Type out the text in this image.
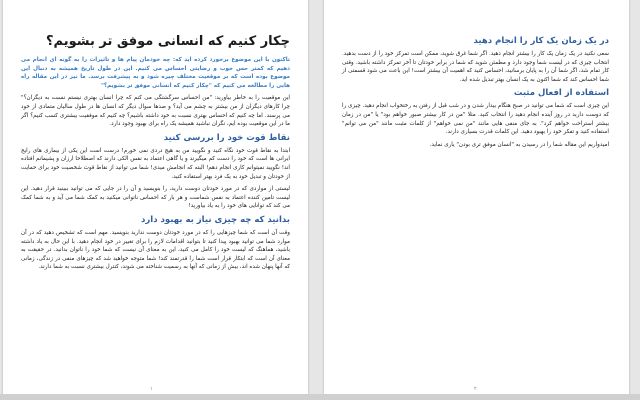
چکار کنیم که انسانی موفق تر بشویم؟
تاکنون با این موضوع برخورد کرده اید که: چه خودمان پیام ها و تاثیرات را به گونه ای انجام می دهیم که کمتر حس خوب و رضایتی احساس می کنیم. این در طول تاریخ همیشه به دنبال این موضوع بوده است که بر موقعیت مختلف چیره شود و به پیشرفت برسد. ما نیز در این مقاله راه هایی را مطالعه می کنیم که "چکار کنیم که انسانی موفق تر بشویم؟"
این موقعیت را به خاطر بیاورید: "من احساس سرگشتگی می کنم که چرا انسان بهتری نیستم نسبت به دیگران؟" چرا کارهای دیگران از من بیشتر به چشم می آید؟ و صدها سوال دیگر که انسان ها در طول سالیان متمادی از خود می پرسند. اما چه کنیم که احساس بهتری نسبت به خود داشته باشیم؟ چه کنیم که موفقیت بیشتری کسب کنیم؟ اگر ما در این موقعیت بوده ایم، نگران نباشید همیشه یک راه برای بهبود وجود دارد.
نقاط قوت خود را بررسی کنید
ابتدا به نقاط قوت خود نگاه کنید و نگویید من به هیچ دردی نمی خورم! درست است این یکی از بیماری های رایج ایرانی ها است که خود را دست کم میگیرند و یا گاهی اعتماد به نفس الکی دارند که اصطلاحا ارزان و پشیمانم افتاده اند! نگویید نمیتوانم کاری انجام دهم! البته که انجامش میدی! شما می توانید از نقاط قوت شخصیت خود برای حمایت از خودتان و تبدیل خود به یک فرد بهتر استفاده کنید.
لیستی از مواردی که در مورد خودتان دوست دارید، را بنویسید و آن را در جایی که می توانید ببینید قرار دهید. این لیست تامین کننده اعتماد به نفس شماست و هر بار که احساس ناتوانی میکنید به کمک شما می آید و به شما کمک می کند که توانایی های خود را به یاد بیاورید!
بدانید که چه چیزی نیاز به بهبود دارد
وقت آن است که شما چیزهایی را که در مورد خودتان دوست ندارید بنویسید. مهم است که تشخیص دهید که در آن موارد شما می توانید بهبود پیدا کنید تا بتوانید اقدامات لازم را برای تغییر در خود انجام دهید. با این حال به یاد داشته باشید، هماهنگ که لیست خود را کامل می کنید، این به معنای آن نیست که شما خود را ناتوان بدانید. در حقیقت به معنای آن است که ابتکار قرار است شما را قدرتمند کند! شما متوجه خواهید شد که چیزهای منفی در زندگی، زمانی که آنها پنهان شده اند، بیش از زمانی که آنها به رسمیت شناخته می شوند، کنترل بیشتری نسبت به شما دارند.
در یک زمان یک کار را انجام دهید
سعی نکنید در یک زمان یک کار را بیشتر انجام دهید. اگر شما غرق شوید، ممکن است تمرکز خود را از دست بدهید. انتخاب چیزی که در لیست شما وجود دارد و مطمئن شوید که شما در برابر خودتان تا آخر تمرکز داشته باشید. وقتی کار تمام شد، اگر شما آن را به پایان برسانید، احساس کنید که اهمیت آن بیشتر است! این باعث می شود قسمتی از شما احساس کند که شما اکنون به یک انسان بهتر تبدیل شده اید.
استفاده از افعال مثبت
این چیزی است که شما می توانید در صبح هنگام بیدار شدن و در شب قبل از رفتن به رختخواب انجام دهید. چیزی را که دوست دارید در روز آینده انجام دهید را انتخاب کنید. مثلا "من در کار بیشتر صبور خواهم بود" یا "من در زمان بیشتر استراحت خواهم کرد". به جای منفی هایی مانند "من نمی خواهم" از کلمات مثبت مانند "من می توانم" استفاده کنید و تفکر خود را بهبود دهید. این کلمات قدرت بسیاری دارند.
امیدواریم این مقاله شما را در رسیدن به "انسان موفق تری بودن" یاری نماید.
۱	۲
